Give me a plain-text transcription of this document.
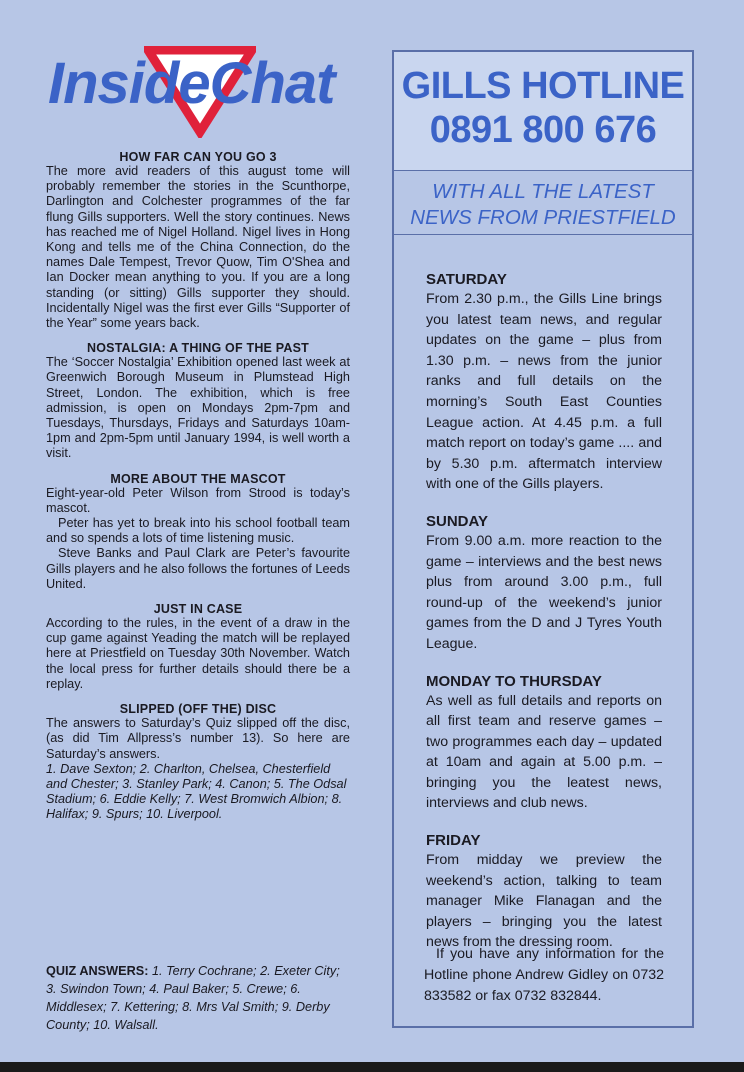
InsideChat
HOW FAR CAN YOU GO 3

The more avid readers of this august tome will probably remember the stories in the Scunthorpe, Darlington and Colchester programmes of the far flung Gills supporters. Well the story continues. News has reached me of Nigel Holland. Nigel lives in Hong Kong and tells me of the China Connection, do the names Dale Tempest, Trevor Quow, Tim O'Shea and Ian Docker mean anything to you. If you are a long standing (or sitting) Gills supporter they should. Incidentally Nigel was the first ever Gills “Supporter of the Year” some years back.

NOSTALGIA: A THING OF THE PAST

The ‘Soccer Nostalgia’ Exhibition opened last week at Greenwich Borough Museum in Plumstead High Street, London. The exhibition, which is free admission, is open on Mondays 2pm-7pm and Tuesdays, Thursdays, Fridays and Saturdays 10am-1pm and 2pm-5pm until January 1994, is well worth a visit.

MORE ABOUT THE MASCOT

Eight-year-old Peter Wilson from Strood is today’s mascot.

Peter has yet to break into his school football team and so spends a lots of time listening music.

Steve Banks and Paul Clark are Peter’s favourite Gills players and he also follows the fortunes of Leeds United.

JUST IN CASE

According to the rules, in the event of a draw in the cup game against Yeading the match will be replayed here at Priestfield on Tuesday 30th November. Watch the local press for further details should there be a replay.

SLIPPED (OFF THE) DISC

The answers to Saturday’s Quiz slipped off the disc, (as did Tim Allpress’s number 13). So here are Saturday’s answers.

1. Dave Sexton; 2. Charlton, Chelsea, Chesterfield and Chester; 3. Stanley Park; 4. Canon; 5. The Odsal Stadium; 6. Eddie Kelly; 7. West Bromwich Albion; 8. Halifax; 9. Spurs; 10. Liverpool.

QUIZ ANSWERS: 1. Terry Cochrane; 2. Exeter City; 3. Swindon Town; 4. Paul Baker; 5. Crewe; 6. Middlesex; 7. Kettering; 8. Mrs Val Smith; 9. Derby County; 10. Walsall.
GILLS HOTLINE
0891 800 676
WITH ALL THE LATEST
NEWS FROM PRIESTFIELD
SATURDAY

From 2.30 p.m., the Gills Line brings you latest team news, and regular updates on the game – plus from 1.30 p.m. – news from the junior ranks and full details on the morning’s South East Counties League action. At 4.45 p.m. a full match report on today’s game .... and by 5.30 p.m. aftermatch interview with one of the Gills players.

SUNDAY

From 9.00 a.m. more reaction to the game – interviews and the best news plus from around 3.00 p.m., full round-up of the weekend’s junior games from the D and J Tyres Youth League.

MONDAY TO THURSDAY

As well as full details and reports on all first team and reserve games – two programmes each day – updated at 10am and again at 5.00 p.m. – bringing you the leatest news, interviews and club news.

FRIDAY

From midday we preview the weekend’s action, talking to team manager Mike Flanagan and the players – bringing you the latest news from the dressing room.

If you have any information for the Hotline phone Andrew Gidley on 0732 833582 or fax 0732 832844.
